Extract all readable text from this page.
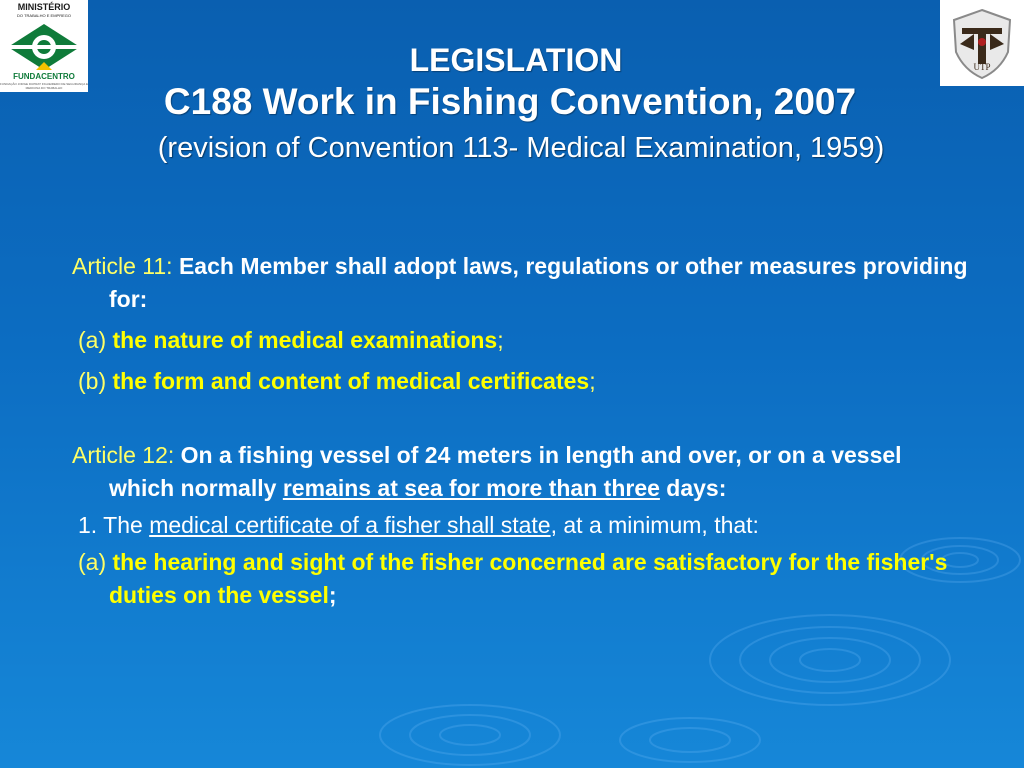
MINISTÉRIO
DO TRABALHO E EMPREGO
FUNDACENTRO
FUNDAÇÃO JORGE DUPRAT FIGUEIREDO DE SEGURANÇA E MEDICINA DO TRABALHO
UTP
LEGISLATION
C188 Work in Fishing Convention, 2007
(revision of Convention 113- Medical Examination, 1959)
Article 11: Each Member shall adopt laws, regulations or other measures providing for:
(a) the nature of medical examinations;
(b) the form and content of medical certificates;
Article 12: On a fishing vessel of 24 meters in length and over, or on a vessel which normally remains at sea for more than three days:
1. The medical certificate of a fisher shall state, at a minimum, that:
(a) the hearing and sight of the fisher concerned are satisfactory for the fisher's duties on the vessel;
